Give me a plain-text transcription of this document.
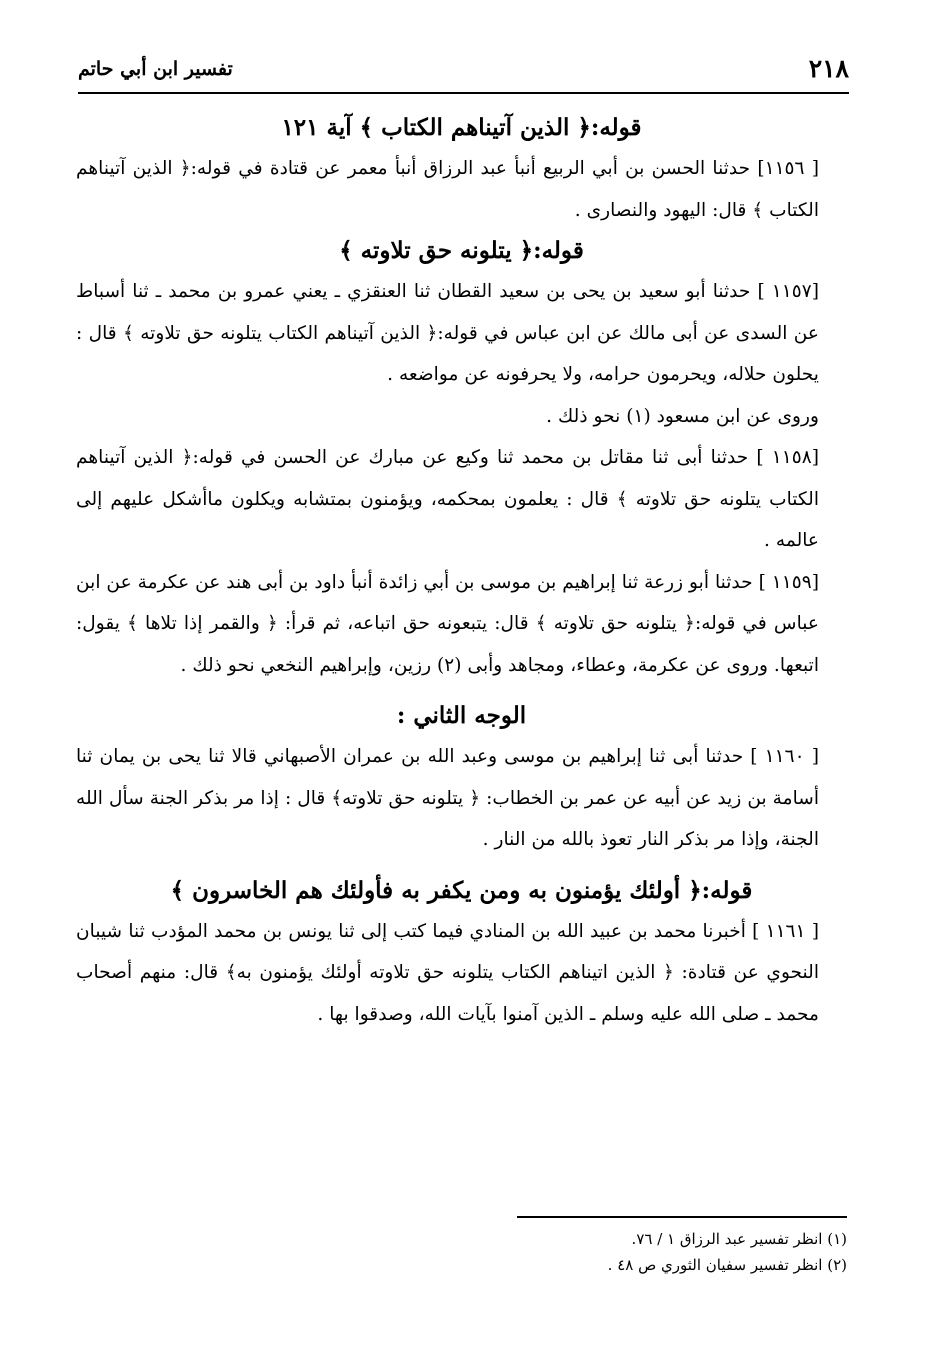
٢١٨
تفسير ابن أبي حاتم
قوله:﴿ الذين آتيناهم الكتاب ﴾ آية ١٢١

[ ١١٥٦] حدثنا الحسن بن أبي الربيع أنبأ عبد الرزاق أنبأ معمر عن قتادة في قوله:﴿ الذين آتيناهم الكتاب ﴾ قال: اليهود والنصارى .

قوله:﴿ يتلونه حق تلاوته ﴾

[١١٥٧ ] حدثنا أبو سعيد بن يحى بن سعيد القطان ثنا العنقزي ـ يعني عمرو بن محمد ـ ثنا أسباط عن السدى عن أبى مالك عن ابن عباس في قوله:﴿ الذين آتيناهم الكتاب يتلونه حق تلاوته ﴾ قال : يحلون حلاله، ويحرمون حرامه، ولا يحرفونه عن مواضعه .

وروى عن ابن مسعود (١) نحو ذلك .

[١١٥٨ ] حدثنا أبى ثنا مقاتل بن محمد ثنا وكيع عن مبارك عن الحسن في قوله:﴿ الذين آتيناهم الكتاب يتلونه حق تلاوته ﴾ قال : يعلمون بمحكمه، ويؤمنون بمتشابه ويكلون ماأشكل عليهم إلى عالمه .

[١١٥٩ ] حدثنا أبو زرعة ثنا إبراهيم بن موسى بن أبي زائدة أنبأ داود بن أبى هند عن عكرمة عن ابن عباس في قوله:﴿ يتلونه حق تلاوته ﴾ قال: يتبعونه حق اتباعه، ثم قرأ: ﴿ والقمر إذا تلاها ﴾ يقول: اتبعها. وروى عن عكرمة، وعطاء، ومجاهد وأبى (٢) رزين، وإبراهيم النخعي نحو ذلك .

الوجه الثاني :

[ ١١٦٠ ] حدثنا أبى ثنا إبراهيم بن موسى وعبد الله بن عمران الأصبهاني قالا ثنا يحى بن يمان ثنا أسامة بن زيد عن أبيه عن عمر بن الخطاب: ﴿ يتلونه حق تلاوته﴾ قال : إذا مر بذكر الجنة سأل الله الجنة، وإذا مر بذكر النار تعوذ بالله من النار .

قوله:﴿ أولئك يؤمنون به ومن يكفر به فأولئك هم الخاسرون ﴾

[ ١١٦١ ] أخبرنا محمد بن عبيد الله بن المنادي فيما كتب إلى ثنا يونس بن محمد المؤدب ثنا شيبان النحوي عن قتادة: ﴿ الذين اتيناهم الكتاب يتلونه حق تلاوته أولئك يؤمنون به﴾ قال: منهم أصحاب محمد ـ صلى الله عليه وسلم ـ الذين آمنوا بآيات الله، وصدقوا بها .

(١) انظر تفسير عبد الرزاق ١ / ٧٦.

(٢) انظر تفسير سفيان الثوري ص ٤٨ .
